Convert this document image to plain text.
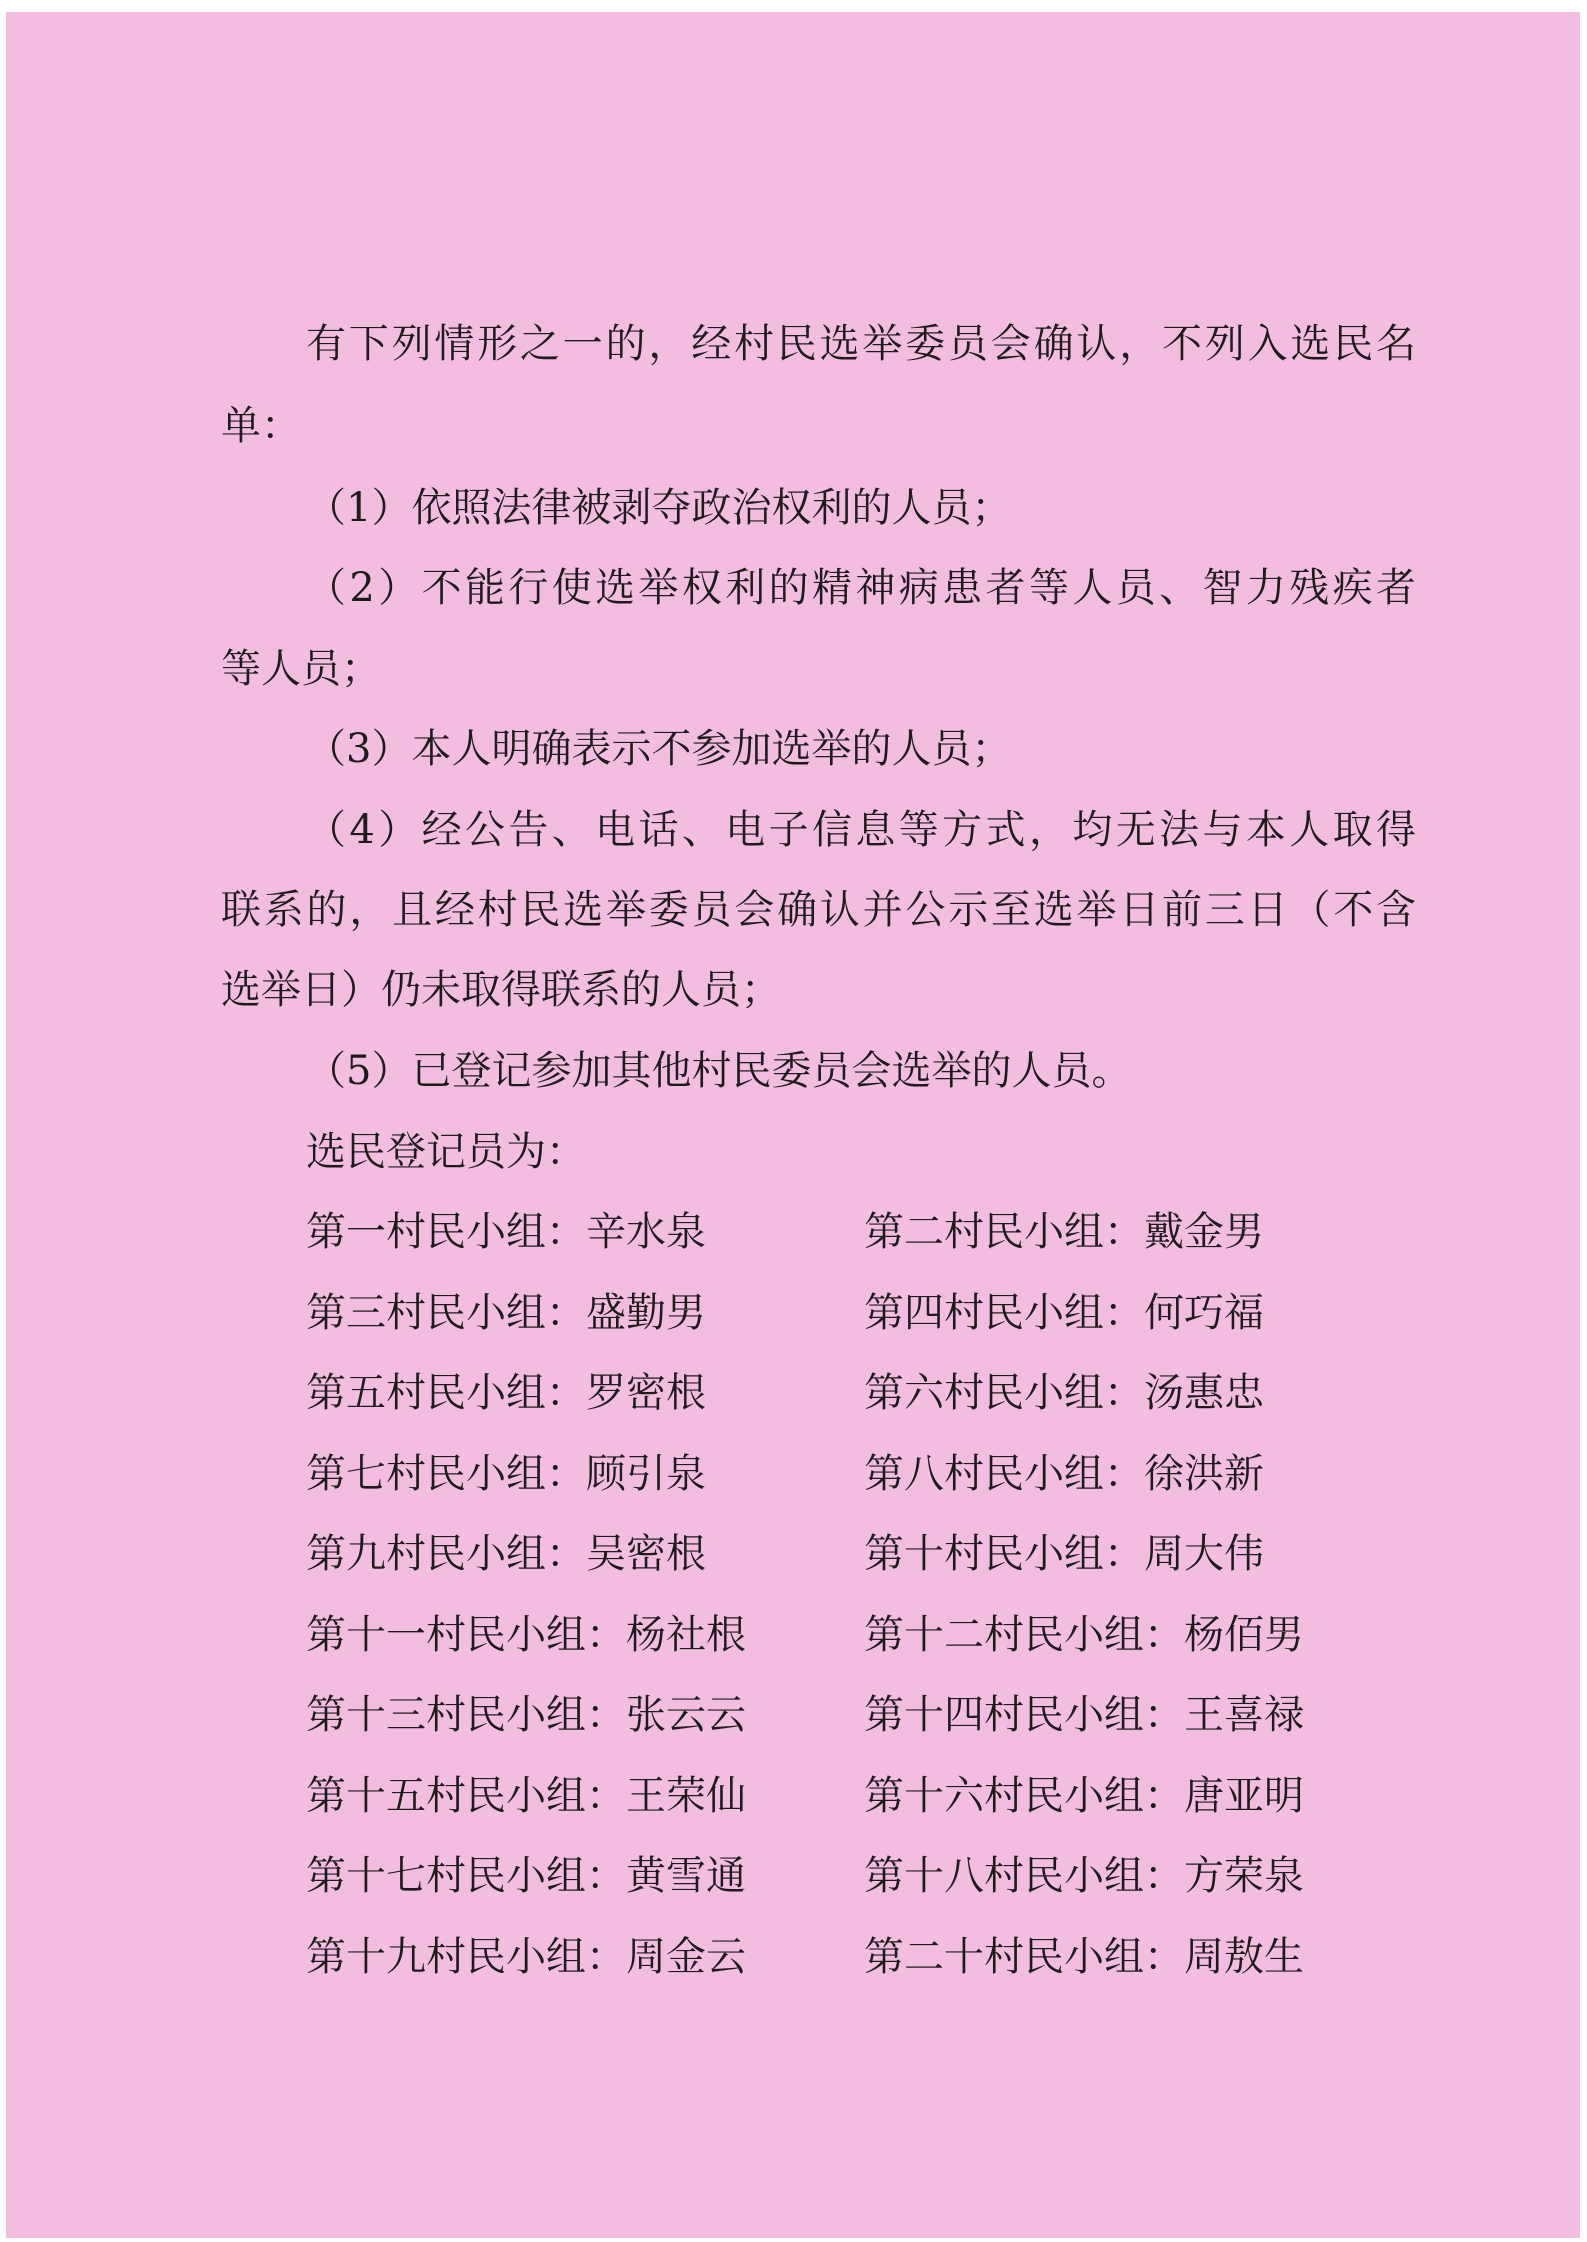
有下列情形之一的，经村民选举委员会确认，不列入选民名
单：
（1）依照法律被剥夺政治权利的人员；
（2）不能行使选举权利的精神病患者等人员、智力残疾者
等人员；
（3）本人明确表示不参加选举的人员；
（4）经公告、电话、电子信息等方式，均无法与本人取得
联系的，且经村民选举委员会确认并公示至选举日前三日（不含
选举日）仍未取得联系的人员；
（5）已登记参加其他村民委员会选举的人员。
选民登记员为：
第一村民小组：辛水泉	第二村民小组：戴金男
第三村民小组：盛勤男	第四村民小组：何巧福
第五村民小组：罗密根	第六村民小组：汤惠忠
第七村民小组：顾引泉	第八村民小组：徐洪新
第九村民小组：吴密根	第十村民小组：周大伟
第十一村民小组：杨社根	第十二村民小组：杨佰男
第十三村民小组：张云云	第十四村民小组：王喜禄
第十五村民小组：王荣仙	第十六村民小组：唐亚明
第十七村民小组：黄雪通	第十八村民小组：方荣泉
第十九村民小组：周金云	第二十村民小组：周敖生
